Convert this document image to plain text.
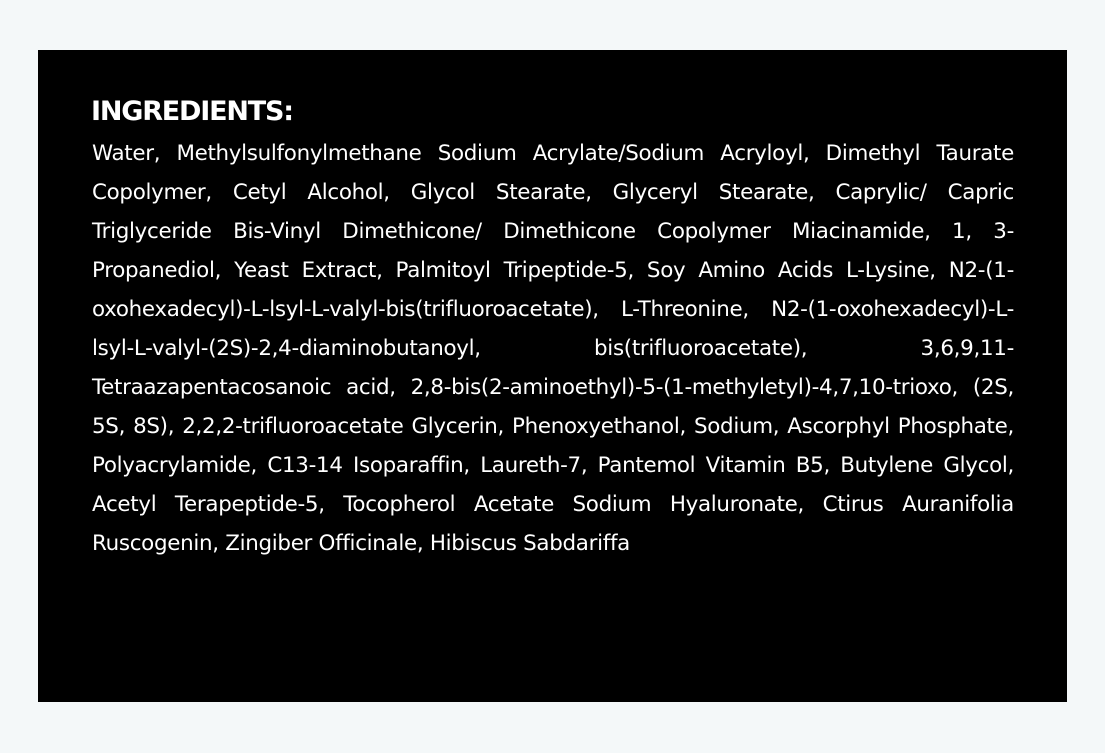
INGREDIENTS:

Water, Methylsulfonylmethane Sodium Acrylate/Sodium Acryloyl, Dimethyl Taurate Copolymer, Cetyl Alcohol, Glycol Stearate, Glyceryl Stearate, Caprylic/ Capric Triglyceride Bis-Vinyl Dimethicone/ Dimethicone Copolymer Miacinamide, 1, 3-Propanediol, Yeast Extract, Palmitoyl Tripeptide-5, Soy Amino Acids L-Lysine, N2-(1-oxohexadecyl)-L-lsyl-L-valyl-bis(trifluoroacetate), L-Threonine, N2-(1-oxohexadecyl)-L-lsyl-L-valyl-(2S)-2,4-diaminobutanoyl, bis(trifluoroacetate), 3,6,9,11-Tetraazapentacosanoic acid, 2,8-bis(2-aminoethyl)-5-(1-methyletyl)-4,7,10-trioxo, (2S, 5S, 8S), 2,2,2-trifluoroacetate Glycerin, Phenoxyethanol, Sodium, Ascorphyl Phosphate, Polyacrylamide, C13-14 Isoparaffin, Laureth-7, Pantemol Vitamin B5, Butylene Glycol, Acetyl Terapeptide-5, Tocopherol Acetate Sodium Hyaluronate, Ctirus Auranifolia Ruscogenin, Zingiber Officinale, Hibiscus Sabdariffa
